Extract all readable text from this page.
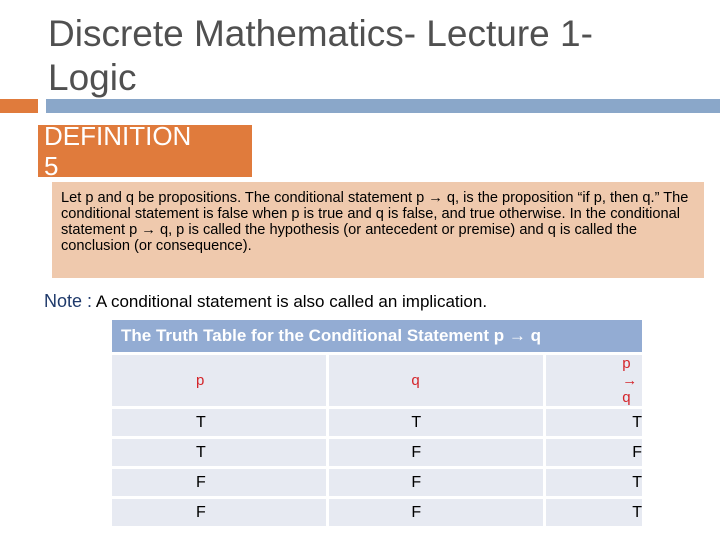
Discrete Mathematics- Lecture 1-
Logic
DEFINITION
5

Let p and q be propositions. The conditional statement p → q, is the proposition “if p, then q.” The conditional statement is false when p is true and q is false, and true otherwise. In the conditional statement p → q, p is called the hypothesis (or antecedent or premise) and q is called the conclusion (or consequence).

Note : A conditional statement is also called an implication.
The Truth Table for the Conditional Statement p → q
p	q	p → q
T	T	T
T	F	F
F	F	T
F	F	T
